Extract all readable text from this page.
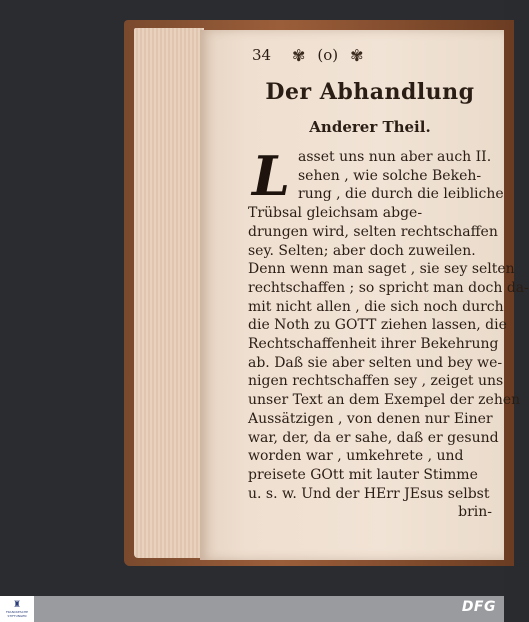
34	✾ (o) ✾
Der Abhandlung
Anderer Theil.
L asset uns nun aber auch II.
sehen , wie solche Bekeh-
rung , die durch die leibliche
Trübsal gleichsam abge-
drungen wird, selten rechtschaffen
sey. Selten; aber doch zuweilen.
Denn wenn man saget , sie sey selten
rechtschaffen ; so spricht man doch da-
mit nicht allen , die sich noch durch
die Noth zu GOTT ziehen lassen, die
Rechtschaffenheit ihrer Bekehrung
ab. Daß sie aber selten und bey we-
nigen rechtschaffen sey , zeiget uns
unser Text an dem Exempel der zehen
Aussätzigen , von denen nur Einer
war, der, da er sahe, daß er gesund
worden war , umkehrete , und
preisete GOtt mit lauter Stimme
u. s. w. Und der HErr JEsus selbst
brin-
♜
FRANCKESCHE
STIFTUNGEN
DFG
